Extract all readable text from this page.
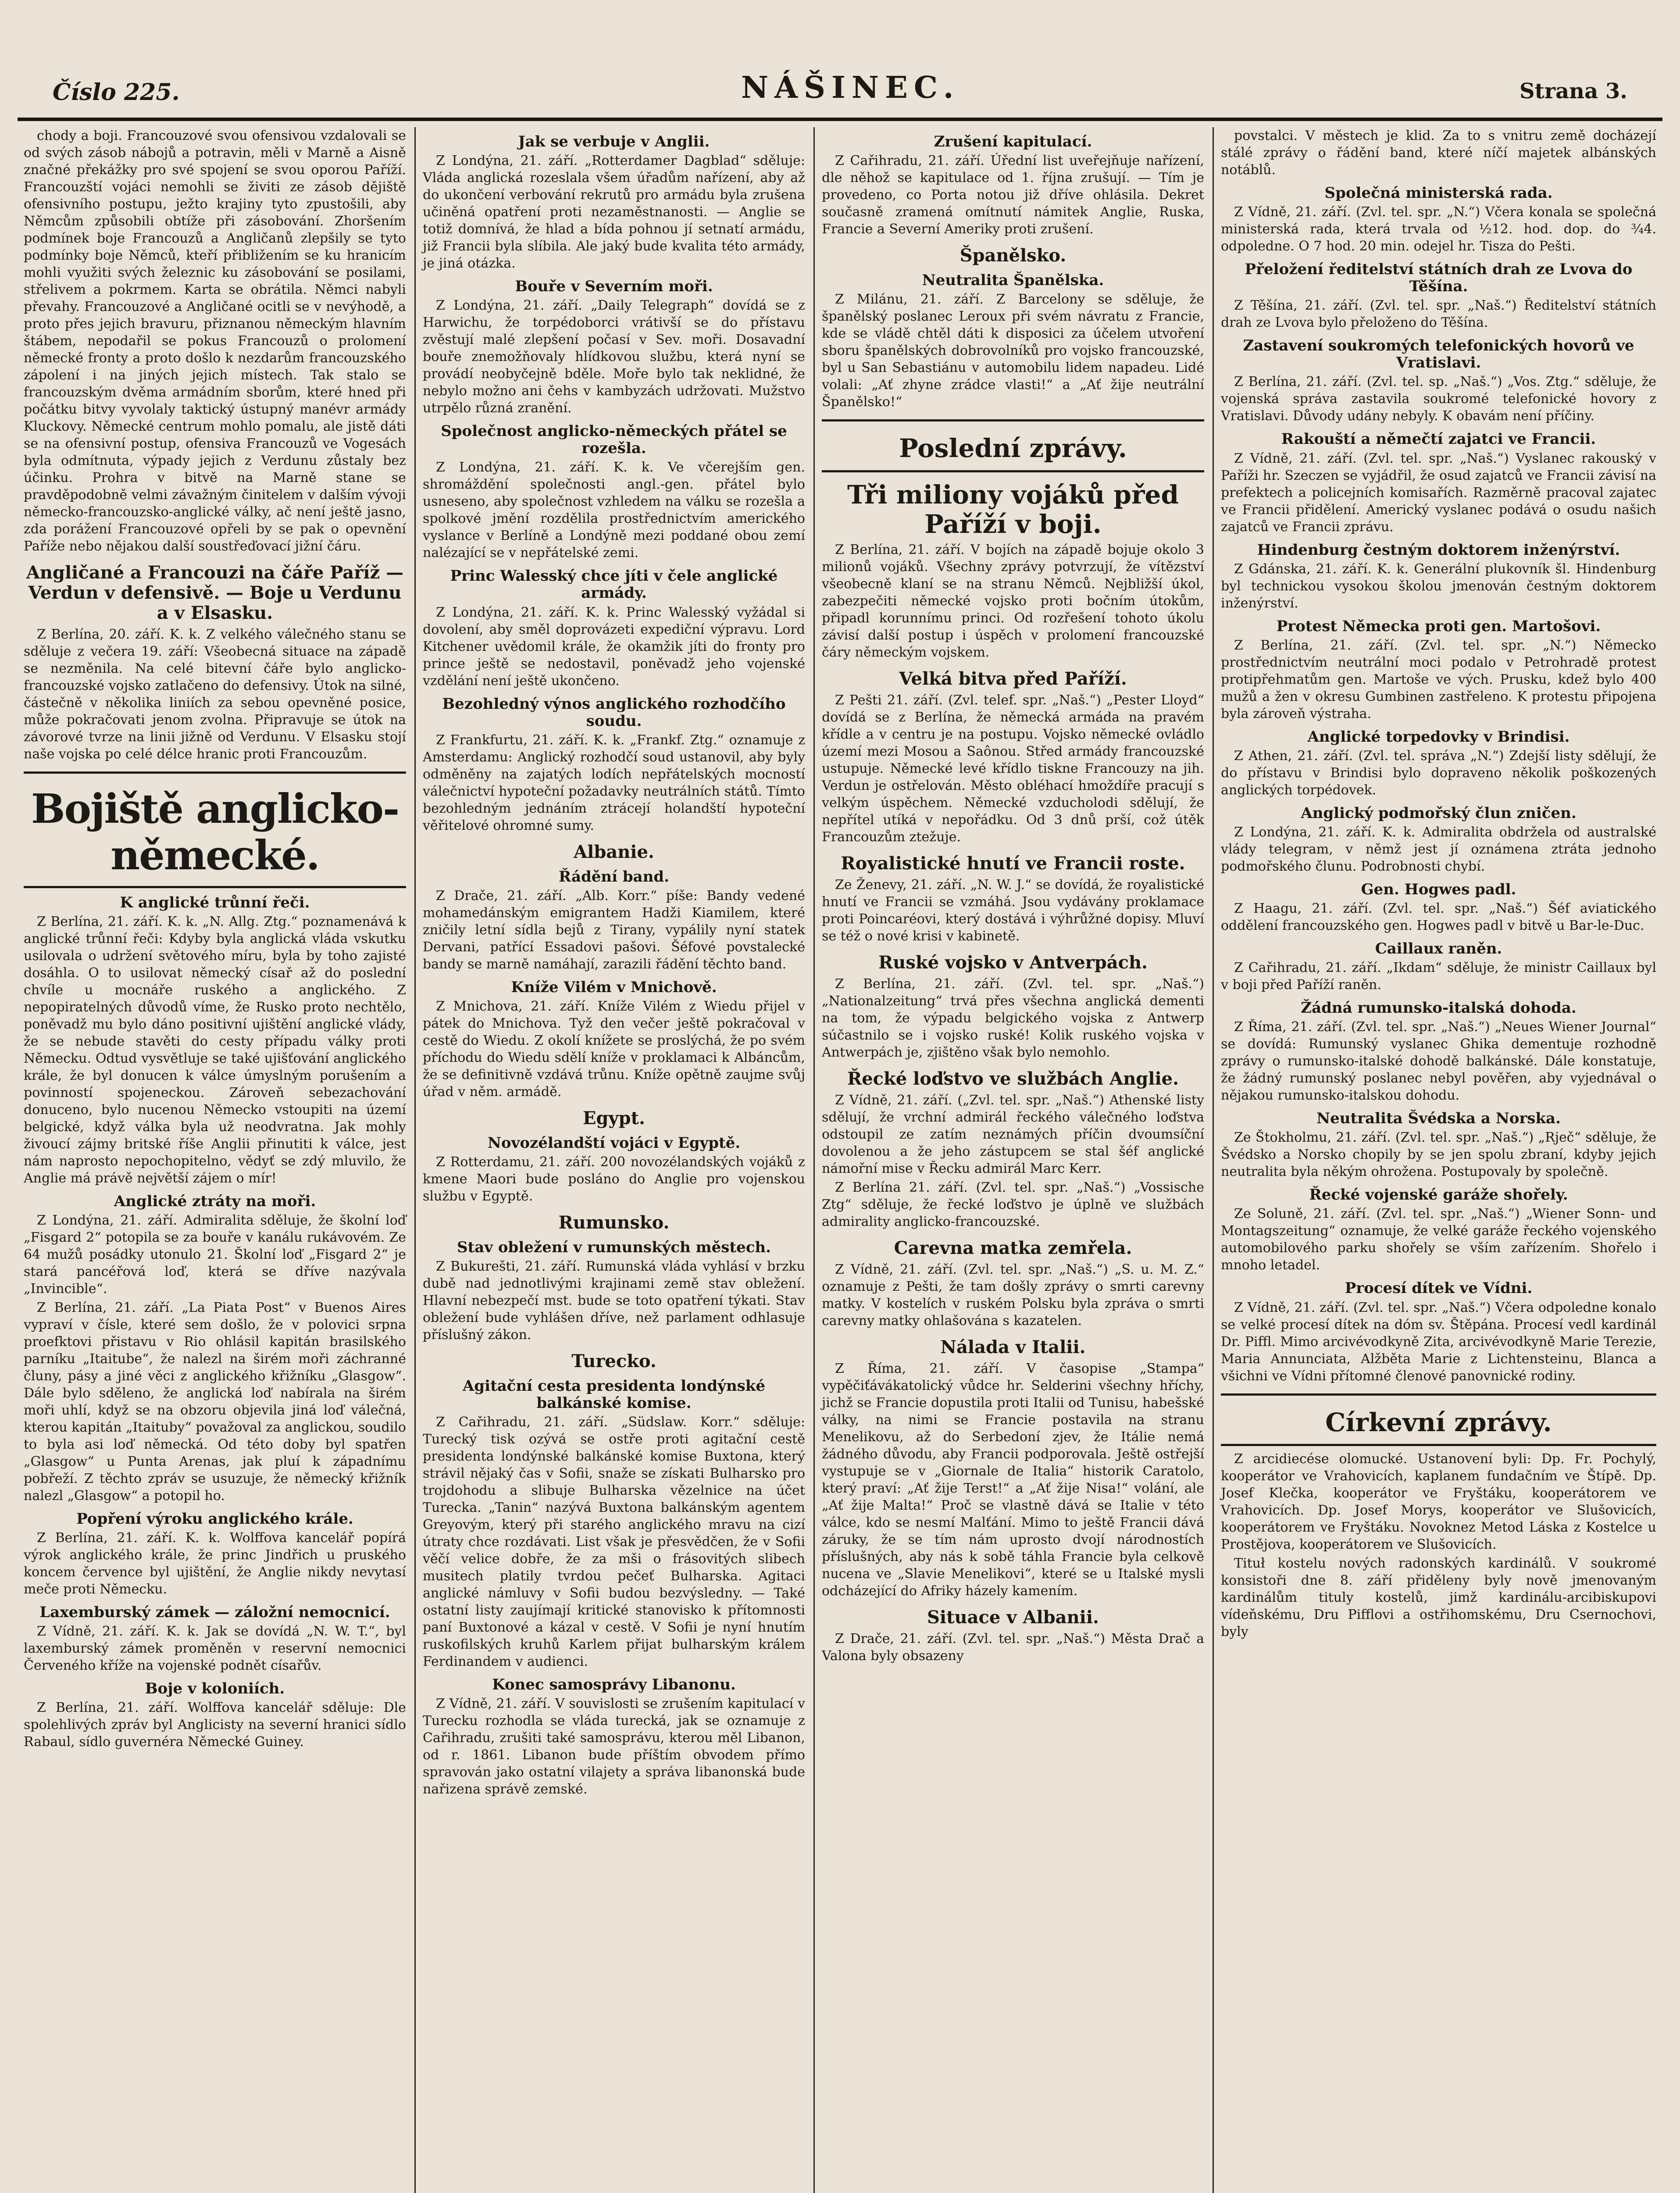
Číslo 225.	NÁŠINEC.	Strana 3.

chody a boji. Francouzové svou ofensivou vzdalovali se od svých zásob nábojů a potravin, měli v Marně a Aisně značné překážky pro své spojení se svou oporou Paříží. Francouzští vojáci nemohli se živiti ze zásob dějiště ofensivního postupu, ježto krajiny tyto zpustošili, aby Němcům způsobili obtíže při zásobování. Zhoršením podmínek boje Francouzů a Angličanů zlepšily se tyto podmínky boje Němců, kteří přibližením se ku hranicím mohli využiti svých železnic ku zásobování se posilami, střelivem a pokrmem. Karta se obrátila. Němci nabyli převahy. Francouzové a Angličané ocitli se v nevýhodě, a proto přes jejich bravuru, přiznanou německým hlavním štábem, nepodařil se pokus Francouzů o prolomení německé fronty a proto došlo k nezdarům francouzského zápolení i na jiných jejich místech. Tak stalo se francouzským dvěma armádním sborům, které hned při počátku bitvy vyvolaly taktický ústupný manévr armády Kluckovy. Německé centrum mohlo pomalu, ale jistě dáti se na ofensivní postup, ofensiva Francouzů ve Vogesách byla odmítnuta, výpady jejich z Verdunu zůstaly bez účinku. Prohra v bitvě na Marně stane se pravděpodobně velmi závažným činitelem v dalším vývoji německo-francouzsko-anglické války, ač není ještě jasno, zda porážení Francouzové opřeli by se pak o opevnění Paříže nebo nějakou další soustřeďovací jižní čáru.

Angličané a Francouzi na čáře Paříž — Verdun v defensivě. — Boje u Verdunu a v Elsasku.

Z Berlína, 20. září. K. k. Z velkého válečného stanu se sděluje z večera 19. září: Všeobecná situace na západě se nezměnila. Na celé bitevní čáře bylo anglicko-francouzské vojsko zatlačeno do defensivy. Útok na silné, částečně v několika liniích za sebou opevněné posice, může pokračovati jenom zvolna. Připravuje se útok na závorové tvrze na linii jižně od Verdunu. V Elsasku stojí naše vojska po celé délce hranic proti Francouzům.

Bojiště anglicko-německé.
K anglické trůnní řeči.

Z Berlína, 21. září. K. k. „N. Allg. Ztg.“ poznamenává k anglické trůnní řeči: Kdyby byla anglická vláda vskutku usilovala o udržení světového míru, byla by toho zajisté dosáhla. O to usilovat německý císař až do poslední chvíle u mocnáře ruského a anglického. Z nepopiratelných důvodů víme, že Rusko proto nechtělo, poněvadž mu bylo dáno positivní ujištění anglické vlády, že se nebude stavěti do cesty případu války proti Německu. Odtud vysvětluje se také ujišťování anglického krále, že byl donucen k válce úmyslným porušením a povinností spojeneckou. Zároveň sebezachování donuceno, bylo nucenou Německo vstoupiti na území belgické, když válka byla už neodvratna. Jak mohly živoucí zájmy britské říše Anglii přinutiti k válce, jest nám naprosto nepochopitelno, vědyť se zdý mluvilo, že Anglie má právě největší zájem o mír!

Anglické ztráty na moři.

Z Londýna, 21. září. Admiralita sděluje, že školní loď „Fisgard 2“ potopila se za bouře v kanálu rukávovém. Ze 64 mužů posádky utonulo 21. Školní loď „Fisgard 2“ je stará pancéřová loď, která se dříve nazývala „Invincible“.

Z Berlína, 21. září. „La Piata Post“ v Buenos Aires vypraví v čísle, které sem došlo, že v polovici srpna proefktovi přistavu v Rio ohlásil kapitán brasilského parníku „Itaitube“, že nalezl na širém moři záchranné čluny, pásy a jiné věci z anglického křižníku „Glasgow“. Dále bylo sděleno, že anglická loď nabírala na širém moři uhlí, když se na obzoru objevila jiná loď válečná, kterou kapitán „Itaituby“ považoval za anglickou, soudilo to byla asi loď německá. Od této doby byl spatřen „Glasgow“ u Punta Arenas, jak pluí k západnímu pobřeží. Z těchto zpráv se usuzuje, že německý křižník nalezl „Glasgow“ a potopil ho.

Popření výroku anglického krále.

Z Berlína, 21. září. K. k. Wolffova kancelář popírá výrok anglického krále, že princ Jindřich u pruského koncem července byl ujištění, že Anglie nikdy nevytasí meče proti Německu.

Laxemburský zámek — záložní nemocnicí.

Z Vídně, 21. září. K. k. Jak se dovídá „N. W. T.“, byl laxemburský zámek proměněn v reservní nemocnici Červeného kříže na vojenské podnět císařův.

Boje v koloniích.

Z Berlína, 21. září. Wolffova kancelář sděluje: Dle spolehlivých zpráv byl Anglicisty na severní hranici sídlo Rabaul, sídlo guvernéra Německé Guiney.

Jak se verbuje v Anglii.

Z Londýna, 21. září. „Rotterdamer Dagblad“ sděluje: Vláda anglická rozeslala všem úřadům nařízení, aby až do ukončení verbování rekrutů pro armádu byla zrušena učiněná opatření proti nezaměstnanosti. — Anglie se totiž domnívá, že hlad a bída pohnou jí setnatí armádu, již Francii byla slíbila. Ale jaký bude kvalita této armády, je jiná otázka.

Bouře v Severním moři.

Z Londýna, 21. září. „Daily Telegraph“ dovídá se z Harwichu, že torpédoborci vrátivší se do přístavu zvěstují malé zlepšení počasí v Sev. moři. Dosavadní bouře znemožňovaly hlídkovou službu, která nyní se provádí neobyčejně bděle. Moře bylo tak neklidné, že nebylo možno ani čehs v kambyzách udržovati. Mužstvo utrpělo různá zranění.

Společnost anglicko-německých přátel se rozešla.

Z Londýna, 21. září. K. k. Ve včerejším gen. shromáždění společnosti angl.-gen. přátel bylo usneseno, aby společnost vzhledem na válku se rozešla a spolkové jmění rozdělila prostřednictvím amerického vyslance v Berlíně a Londýně mezi poddané obou zemí nalézající se v nepřátelské zemi.

Princ Walesský chce jíti v čele anglické armády.

Z Londýna, 21. září. K. k. Princ Walesský vyžádal si dovolení, aby směl doprovázeti expediční výpravu. Lord Kitchener uvědomil krále, že okamžik jíti do fronty pro prince ještě se nedostavil, poněvadž jeho vojenské vzdělání není ještě ukončeno.

Bezohledný výnos anglického rozhodčího soudu.

Z Frankfurtu, 21. září. K. k. „Frankf. Ztg.“ oznamuje z Amsterdamu: Anglický rozhodčí soud ustanovil, aby byly odměněny na zajatých lodích nepřátelských mocností válečnictví hypoteční požadavky neutrálních států. Tímto bezohledným jednáním ztrácejí holandští hypoteční věřitelové ohromné sumy.

Albanie.
Řádění band.

Z Drače, 21. září. „Alb. Korr.“ píše: Bandy vedené mohamedánským emigrantem Hadži Kiamilem, které zničily letní sídla bejů z Tirany, vypálily nyní statek Dervani, patřící Essadovi pašovi. Šéfové povstalecké bandy se marně namáhají, zarazili řádění těchto band.

Kníže Vilém v Mnichově.

Z Mnichova, 21. září. Kníže Vilém z Wiedu přijel v pátek do Mnichova. Tyž den večer ještě pokračoval v cestě do Wiedu. Z okolí knížete se proslýchá, že po svém příchodu do Wiedu sdělí kníže v proklamaci k Albáncům, že se definitivně vzdává trůnu. Kníže opětně zaujme svůj úřad v něm. armádě.

Egypt.
Novozélandští vojáci v Egyptě.

Z Rotterdamu, 21. září. 200 novozélandských vojáků z kmene Maori bude posláno do Anglie pro vojenskou službu v Egyptě.

Rumunsko.
Stav obležení v rumunských městech.

Z Bukurešti, 21. září. Rumunská vláda vyhlásí v brzku dubě nad jednotlivými krajinami země stav obležení. Hlavní nebezpečí mst. bude se toto opatření týkati. Stav obležení bude vyhlášen dříve, než parlament odhlasuje příslušný zákon.

Turecko.
Agitační cesta presidenta londýnské balkánské komise.

Z Cařihradu, 21. září. „Südslaw. Korr.“ sděluje: Turecký tisk ozývá se ostře proti agitační cestě presidenta londýnské balkánské komise Buxtona, který strávil nějaký čas v Sofii, snaže se získati Bulharsko pro trojdohodu a slibuje Bulharska vězelnice na účet Turecka. „Tanin“ nazývá Buxtona balkánským agentem Greyovým, který při starého anglického mravu na cizí útraty chce rozdávati. List však je přesvědčen, že v Sofii věčí velice dobře, že za mši o frásovitých slibech musitech platily tvrdou pečeť Bulharska. Agitaci anglické námluvy v Sofii budou bezvýsledny. — Také ostatní listy zaujímají kritické stanovisko k přítomnosti paní Buxtonové a kázal v cestě. V Sofii je nyní hnutím ruskofilských kruhů Karlem přijat bulharským králem Ferdinandem v audienci.

Konec samosprávy Libanonu.

Z Vídně, 21. září. V souvislosti se zrušením kapitulací v Turecku rozhodla se vláda turecká, jak se oznamuje z Cařihradu, zrušiti také samosprávu, kterou měl Libanon, od r. 1861. Libanon bude příštím obvodem přímo spravován jako ostatní vilajety a správa libanonská bude nařizena správě zemské.

Zrušení kapitulací.

Z Cařihradu, 21. září. Úřední list uveřejňuje nařízení, dle něhož se kapitulace od 1. října zrušují. — Tím je provedeno, co Porta notou již dříve ohlásila. Dekret současně zramená omítnutí námitek Anglie, Ruska, Francie a Severní Ameriky proti zrušení.

Španělsko.
Neutralita Španělska.

Z Milánu, 21. září. Z Barcelony se sděluje, že španělský poslanec Leroux při svém návratu z Francie, kde se vládě chtěl dáti k disposici za účelem utvoření sboru španělských dobrovolníků pro vojsko francouzské, byl u San Sebastiánu v automobilu lidem napadeu. Lidé volali: „Ať zhyne zrádce vlasti!“ a „Ať žije neutrální Španělsko!“

Poslední zprávy.
Tři miliony vojáků před Paříží v boji.

Z Berlína, 21. září. V bojích na západě bojuje okolo 3 milionů vojáků. Všechny zprávy potvrzují, že vítězství všeobecně klaní se na stranu Němců. Nejbližší úkol, zabezpečiti německé vojsko proti bočním útokům, připadl korunnímu princi. Od rozřešení tohoto úkolu závisí další postup i úspěch v prolomení francouzské čáry německým vojskem.

Velká bitva před Paříží.

Z Pešti 21. září. (Zvl. telef. spr. „Naš.“) „Pester Lloyd“ dovídá se z Berlína, že německá armáda na pravém křídle a v centru je na postupu. Vojsko německé ovládlo území mezi Mosou a Saônou. Střed armády francouzské ustupuje. Německé levé křídlo tiskne Francouzy na jih. Verdun je ostřelován. Město obléhací hmoždíře pracují s velkým úspěchem. Německé vzducholodi sdělují, že nepřítel utíká v nepořádku. Od 3 dnů prší, což útěk Francouzům ztežuje.

Royalistické hnutí ve Francii roste.

Ze Ženevy, 21. září. „N. W. J.“ se dovídá, že royalistické hnutí ve Francii se vzmáhá. Jsou vydávány proklamace proti Poincaréovi, který dostává i výhrůžné dopisy. Mluví se též o nové krisi v kabinetě.

Ruské vojsko v Antverpách.

Z Berlína, 21. září. (Zvl. tel. spr. „Naš.“) „Nationalzeitung“ trvá přes všechna anglická dementi na tom, že výpadu belgického vojska z Antwerp súčastnilo se i vojsko ruské! Kolik ruského vojska v Antwerpách je, zjištěno však bylo nemohlo.

Řecké loďstvo ve službách Anglie.

Z Vídně, 21. září. („Zvl. tel. spr. „Naš.“) Athenské listy sdělují, že vrchní admirál řeckého válečného loďstva odstoupil ze zatím neznámých příčin dvoumsíční dovolenou a že jeho zástupcem se stal šéf anglické námořní mise v Řecku admirál Marc Kerr.

Z Berlína 21. září. (Zvl. tel. spr. „Naš.“) „Vossische Ztg“ sděluje, že řecké loďstvo je úplně ve službách admirality anglicko-francouzské.

Carevna matka zemřela.

Z Vídně, 21. září. (Zvl. tel. spr. „Naš.“) „S. u. M. Z.“ oznamuje z Pešti, že tam došly zprávy o smrti carevny matky. V kostelích v ruském Polsku byla zpráva o smrti carevny matky ohlašována s kazatelen.

Nálada v Italii.

Z Říma, 21. září. V časopise „Stampa“ vypěčiťávákatolický vůdce hr. Selderini všechny hříchy, jichž se Francie dopustila proti Italii od Tunisu, habešské války, na nimi se Francie postavila na stranu Menelikovu, až do Serbedoní zjev, že Itálie nemá žádného důvodu, aby Francii podporovala. Ještě ostřejší vystupuje se v „Giornale de Italia“ historik Caratolo, který praví: „Ať žije Terst!“ a „Ať žije Nisa!“ volání, ale „Ať žije Malta!“ Proč se vlastně dává se Italie v této válce, kdo se nesmí Malťání. Mimo to ještě Francii dává záruky, že se tím nám uprosto dvojí národnostích příslušných, aby nás k sobě táhla Francie byla celkově nucena ve „Slavie Menelikovi“, které se u Italské mysli odcházející do Afriky házely kamením.

Situace v Albanii.

Z Drače, 21. září. (Zvl. tel. spr. „Naš.“) Města Drač a Valona byly obsazeny

povstalci. V městech je klid. Za to s vnitru země docházejí stálé zprávy o řádění band, které níčí majetek albánských notáblů.

Společná ministerská rada.

Z Vídně, 21. září. (Zvl. tel. spr. „N.“) Včera konala se společná ministerská rada, která trvala od ½12. hod. dop. do ¾4. odpoledne. O 7 hod. 20 min. odejel hr. Tisza do Pešti.

Přeložení ředitelství státních drah ze Lvova do Těšína.

Z Těšína, 21. září. (Zvl. tel. spr. „Naš.“) Ředitelství státních drah ze Lvova bylo přeloženo do Těšína.

Zastavení soukromých telefonických hovorů ve Vratislavi.

Z Berlína, 21. září. (Zvl. tel. sp. „Naš.“) „Vos. Ztg.“ sděluje, že vojenská správa zastavila soukromé telefonické hovory z Vratislavi. Důvody udány nebyly. K obavám není příčiny.

Rakouští a němečtí zajatci ve Francii.

Z Vídně, 21. září. (Zvl. tel. spr. „Naš.“) Vyslanec rakouský v Paříži hr. Szeczen se vyjádřil, že osud zajatců ve Francii závisí na prefektech a policejních komisařích. Razměrně pracoval zajatec ve Francii přidělení. Americký vyslanec podává o osudu našich zajatců ve Francii zprávu.

Hindenburg čestným doktorem inženýrství.

Z Gdánska, 21. září. K. k. Generální plukovník šl. Hindenburg byl technickou vysokou školou jmenován čestným doktorem inženýrství.

Protest Německa proti gen. Martošovi.

Z Berlína, 21. září. (Zvl. tel. spr. „N.“) Německo prostřednictvím neutrální moci podalo v Petrohradě protest protipřehmatům gen. Martoše ve vých. Prusku, kdež bylo 400 mužů a žen v okresu Gumbinen zastřeleno. K protestu připojena byla zároveň výstraha.

Anglické torpedovky v Brindisi.

Z Athen, 21. září. (Zvl. tel. správa „N.“) Zdejší listy sdělují, že do přístavu v Brindisi bylo dopraveno několik poškozených anglických torpédovek.

Anglický podmořský člun zničen.

Z Londýna, 21. září. K. k. Admiralita obdržela od australské vlády telegram, v němž jest jí oznámena ztráta jednoho podmořského člunu. Podrobnosti chybí.

Gen. Hogwes padl.

Z Haagu, 21. září. (Zvl. tel. spr. „Naš.“) Šéf aviatického oddělení francouzského gen. Hogwes padl v bitvě u Bar-le-Duc.

Caillaux raněn.

Z Cařihradu, 21. září. „Ikdam“ sděluje, že ministr Caillaux byl v boji před Paříží raněn.

Žádná rumunsko-italská dohoda.

Z Říma, 21. září. (Zvl. tel. spr. „Naš.“) „Neues Wiener Journal“ se dovídá: Rumunský vyslanec Ghika dementuje rozhodně zprávy o rumunsko-italské dohodě balkánské. Dále konstatuje, že žádný rumunský poslanec nebyl pověřen, aby vyjednával o nějakou rumunsko-italskou dohodu.

Neutralita Švédska a Norska.

Ze Štokholmu, 21. září. (Zvl. tel. spr. „Naš.“) „Rječ“ sděluje, že Švédsko a Norsko chopily by se jen spolu zbraní, kdyby jejich neutralita byla někým ohrožena. Postupovaly by společně.

Řecké vojenské garáže shořely.

Ze Soluně, 21. září. (Zvl. tel. spr. „Naš.“) „Wiener Sonn- und Montagszeitung“ oznamuje, že velké garáže řeckého vojenského automobilového parku shořely se vším zařízením. Shořelo i mnoho letadel.

Procesí dítek ve Vídni.

Z Vídně, 21. září. (Zvl. tel. spr. „Naš.“) Včera odpoledne konalo se velké procesí dítek na dóm sv. Štěpána. Procesí vedl kardinál Dr. Piffl. Mimo arcivévodkyně Zita, arcivévodkyně Marie Terezie, Maria Annunciata, Alžběta Marie z Lichtensteinu, Blanca a všichni ve Vídni přítomné členové panovnické rodiny.

Církevní zprávy.

Z arcidiecése olomucké. Ustanovení byli: Dp. Fr. Pochylý, kooperátor ve Vrahovicích, kaplanem fundačním ve Štípě. Dp. Josef Klečka, kooperátor ve Fryštáku, kooperátorem ve Vrahovicích. Dp. Josef Morys, kooperátor ve Slušovicích, kooperátorem ve Fryštáku. Novoknez Metod Láska z Kostelce u Prostějova, kooperátorem ve Slušovicích.

Tituł kostelu nových radonských kardinálů. V soukromé konsistoři dne 8. září přiděleny byly nově jmenovaným kardinálům tituly kostelů, jimž kardinálu-arcibiskupovi vídeňskému, Dru Pifflovi a ostřihomskému, Dru Csernochovi, byly
